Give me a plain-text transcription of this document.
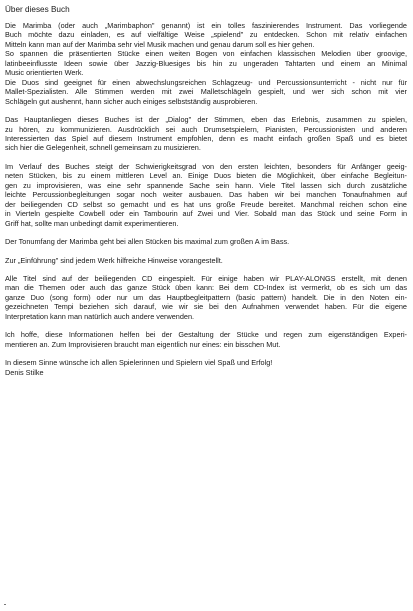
Über dieses Buch
Die Marimba (oder auch „Marimbaphon" genannt) ist ein tolles faszinierendes Instrument. Das vorliegende
Buch möchte dazu einladen, es auf vielfältige Weise „spielend" zu entdecken. Schon mit relativ einfachen
Mitteln kann man auf der Marimba sehr viel Musik machen und genau darum soll es hier gehen.
So spannen die präsentierten Stücke einen weiten Bogen von einfachen klassischen Melodien über groovige,
latinbeeinflusste Ideen sowie über Jazzig-Bluesiges bis hin zu ungeraden Tahtarten und einem an Minimal
Music orientierten Werk.
Die Duos sind geeignet für einen abwechslungsreichen Schlagzeug- und Percussionsunterricht - nicht nur für
Mallet-Spezialisten. Alle Stimmen werden mit zwei Malletschlägeln gespielt, und wer sich schon mit vier
Schlägeln gut aushennt, hann sicher auch einiges selbstständig ausprobieren.
Das Hauptanliegen dieses Buches ist der „Dialog" der Stimmen, eben das Erlebnis, zusammen zu spielen,
zu hören, zu kommunizieren. Ausdrücklich sei auch Drumsetspielern, Pianisten, Percussionisten und anderen
Interessierten das Spiel auf diesem Instrument empfohlen, denn es macht einfach großen Spaß und es bietet
sich hier die Gelegenheit, schnell gemeinsam zu musizieren.
Im Verlauf des Buches steigt der Schwierigkeitsgrad von den ersten leichten, besonders für Anfänger geeig-
neten Stücken, bis zu einem mittleren Level an. Einige Duos bieten die Möglichkeit, über einfache Begleitun-
gen zu improvisieren, was eine sehr spannende Sache sein hann. Viele Titel lassen sich durch zusätzliche
leichte Percussionbegleitungen sogar noch weiter ausbauen. Das haben wir bei manchen Tonaufnahmen auf
der beiliegenden CD selbst so gemacht und es hat uns große Freude bereitet. Manchmal reichen schon eine
in Vierteln gespielte Cowbell oder ein Tambourin auf Zwei und Vier. Sobald man das Stück und seine Form in
Griff hat, sollte man unbedingt damit experimentieren.
Der Tonumfang der Marimba geht bei allen Stücken bis maximal zum großen A im Bass.
Zur „Einführung" sind jedem Werk hilfreiche Hinweise vorangestellt.
Alle Titel sind auf der beiliegenden CD eingespielt. Für einige haben wir PLAY-ALONGS erstellt, mit denen
man die Themen oder auch das ganze Stück üben kann: Bei dem CD-Index ist vermerkt, ob es sich um das
ganze Duo (song form) oder nur um das Hauptbegleitpattern (basic pattern) handelt. Die in den Noten ein-
gezeichneten Tempi beziehen sich darauf, wie wir sie bei den Aufnahmen verwendet haben. Für die eigene
Interpretation kann man natürlich auch andere verwenden.
Ich hoffe, diese Informationen helfen bei der Gestaltung der Stücke und regen zum eigenständigen Experi-
mentieren an. Zum Improvisieren braucht man eigentlich nur eines: ein bisschen Mut.
In diesem Sinne wünsche ich allen Spielerinnen und Spielern viel Spaß und Erfolg!
Denis Stilke
